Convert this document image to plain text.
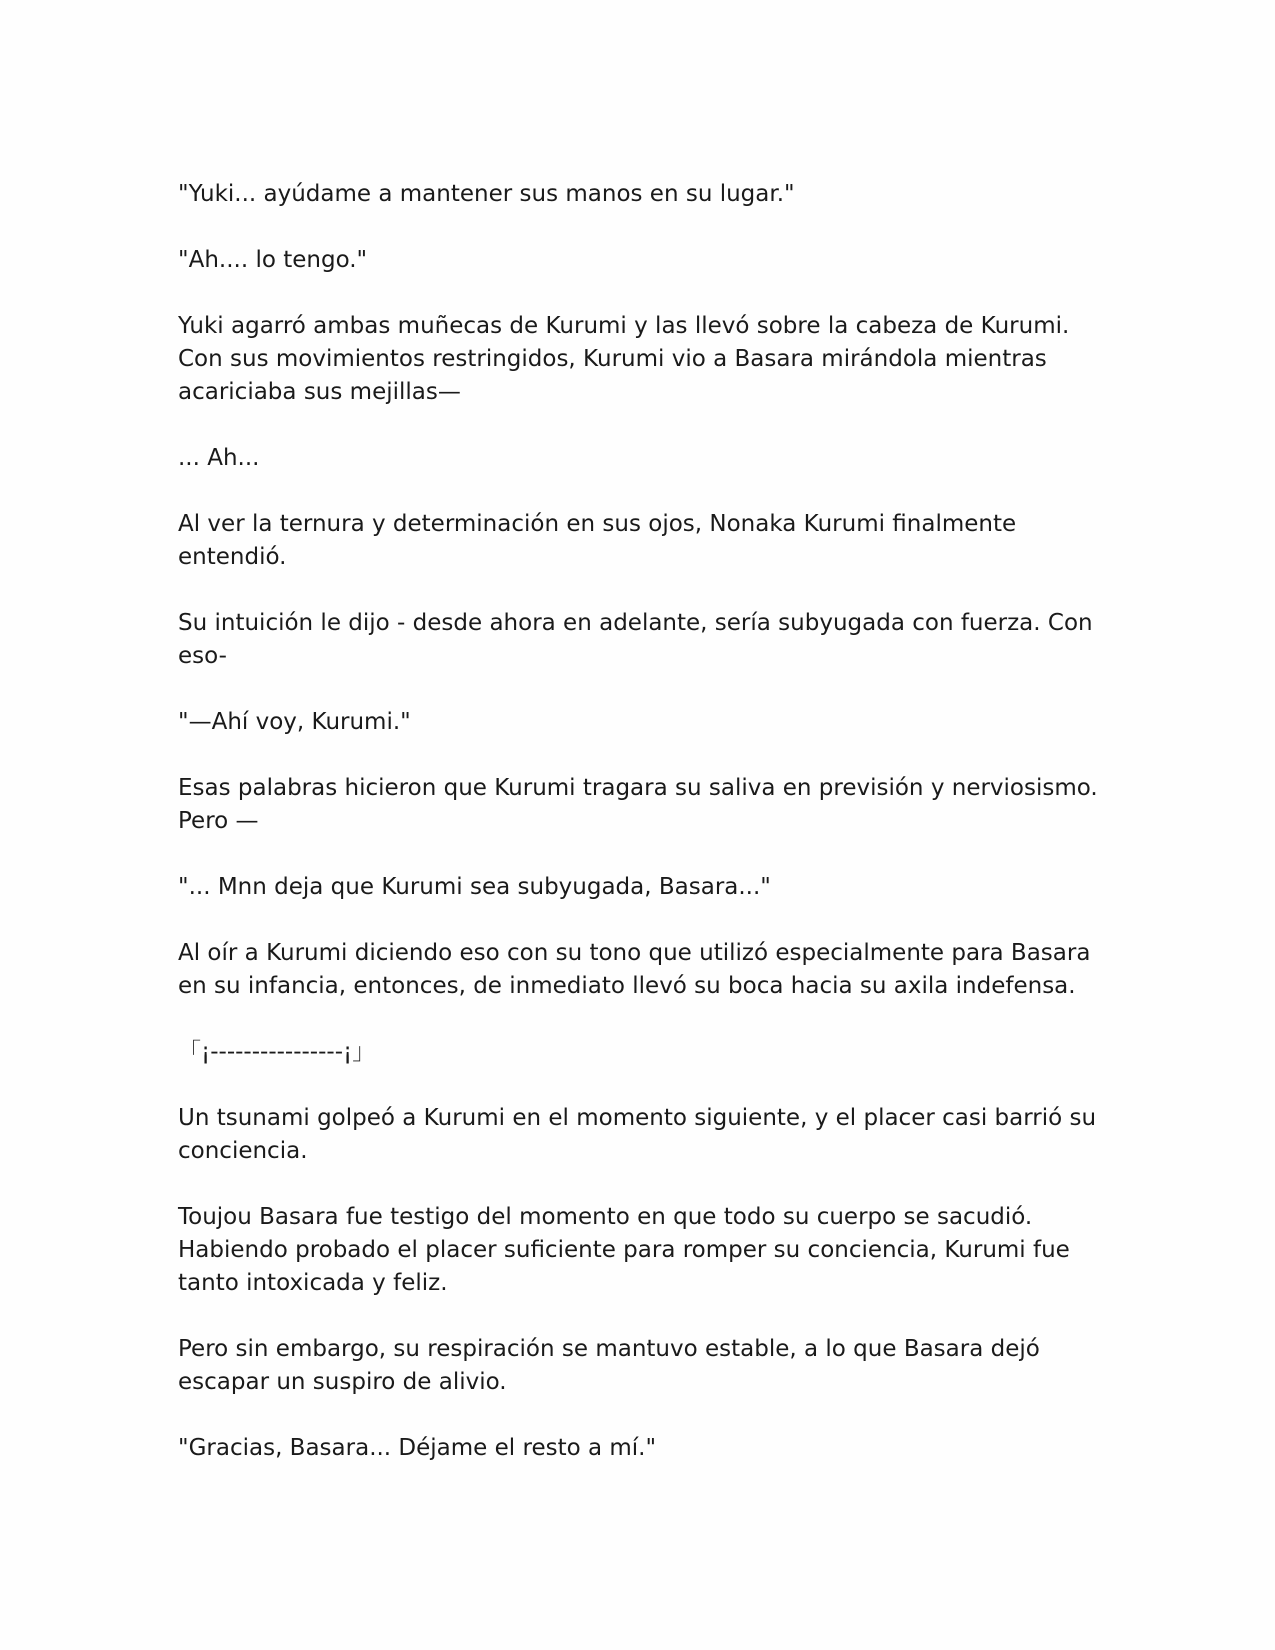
"Yuki... ayúdame a mantener sus manos en su lugar."

"Ah.... lo tengo."

Yuki agarró ambas muñecas de Kurumi y las llevó sobre la cabeza de Kurumi. Con sus movimientos restringidos, Kurumi vio a Basara mirándola mientras acariciaba sus mejillas—

... Ah...

Al ver la ternura y determinación en sus ojos, Nonaka Kurumi finalmente entendió.

Su intuición le dijo - desde ahora en adelante, sería subyugada con fuerza. Con eso-

"—Ahí voy, Kurumi."

Esas palabras hicieron que Kurumi tragara su saliva en previsión y nerviosismo. Pero —

"... Mnn deja que Kurumi sea subyugada, Basara..."

Al oír a Kurumi diciendo eso con su tono que utilizó especialmente para Basara en su infancia, entonces, de inmediato llevó su boca hacia su axila indefensa.

「¡----------------¡」

Un tsunami golpeó a Kurumi en el momento siguiente, y el placer casi barrió su conciencia.

Toujou Basara fue testigo del momento en que todo su cuerpo se sacudió. Habiendo probado el placer suficiente para romper su conciencia, Kurumi fue tanto intoxicada y feliz.

Pero sin embargo, su respiración se mantuvo estable, a lo que Basara dejó escapar un suspiro de alivio.

"Gracias, Basara... Déjame el resto a mí."
